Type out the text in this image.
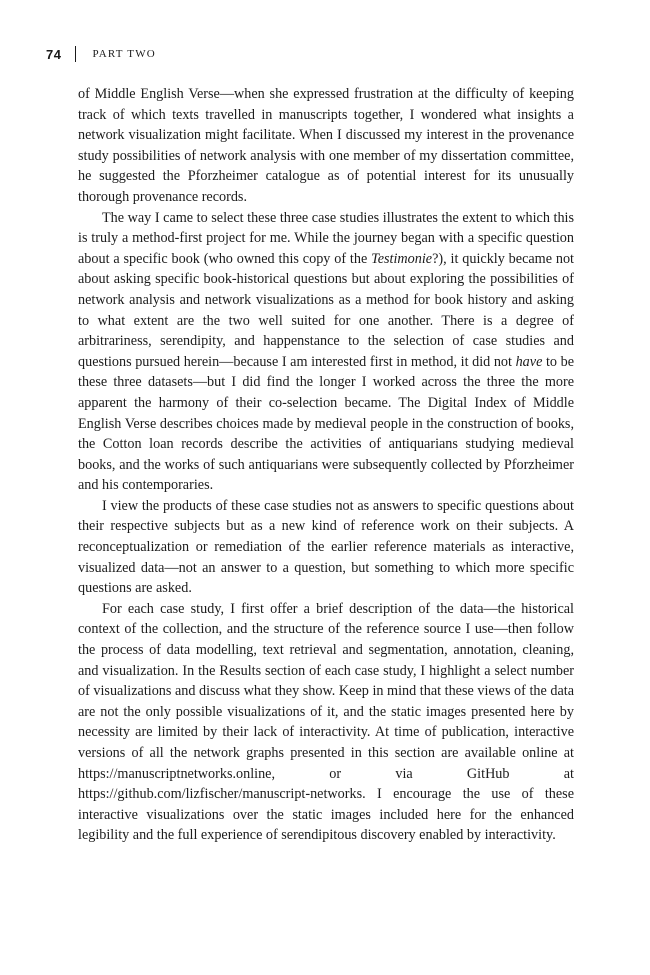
74	PART TWO

of Middle English Verse—when she expressed frustration at the difficulty of keeping track of which texts travelled in manuscripts together, I wondered what insights a network visualization might facilitate. When I discussed my interest in the provenance study possibilities of network analysis with one member of my dissertation committee, he suggested the Pforzheimer catalogue as of potential interest for its unusually thorough provenance records.

The way I came to select these three case studies illustrates the extent to which this is truly a method-first project for me. While the journey began with a specific question about a specific book (who owned this copy of the Testimonie?), it quickly became not about asking specific book-historical questions but about exploring the possibilities of network analysis and network visualizations as a method for book history and asking to what extent are the two well suited for one another. There is a degree of arbitrariness, serendipity, and happenstance to the selection of case studies and questions pursued herein—because I am interested first in method, it did not have to be these three datasets—but I did find the longer I worked across the three the more apparent the harmony of their co-selection became. The Digital Index of Middle English Verse describes choices made by medieval people in the construction of books, the Cotton loan records describe the activities of antiquarians studying medieval books, and the works of such antiquarians were subsequently collected by Pforzheimer and his contemporaries.

I view the products of these case studies not as answers to specific questions about their respective subjects but as a new kind of reference work on their subjects. A reconceptualization or remediation of the earlier reference materials as interactive, visualized data—not an answer to a question, but something to which more specific questions are asked.

For each case study, I first offer a brief description of the data—the historical context of the collection, and the structure of the reference source I use—then follow the process of data modelling, text retrieval and segmentation, annotation, cleaning, and visualization. In the Results section of each case study, I highlight a select number of visualizations and discuss what they show. Keep in mind that these views of the data are not the only possible visualizations of it, and the static images presented here by necessity are limited by their lack of interactivity. At time of publication, interactive versions of all the network graphs presented in this section are available online at https://manuscriptnetworks.online, or via GitHub at https://github.com/lizfischer/manuscript-networks. I encourage the use of these interactive visualizations over the static images included here for the enhanced legibility and the full experience of serendipitous discovery enabled by interactivity.
